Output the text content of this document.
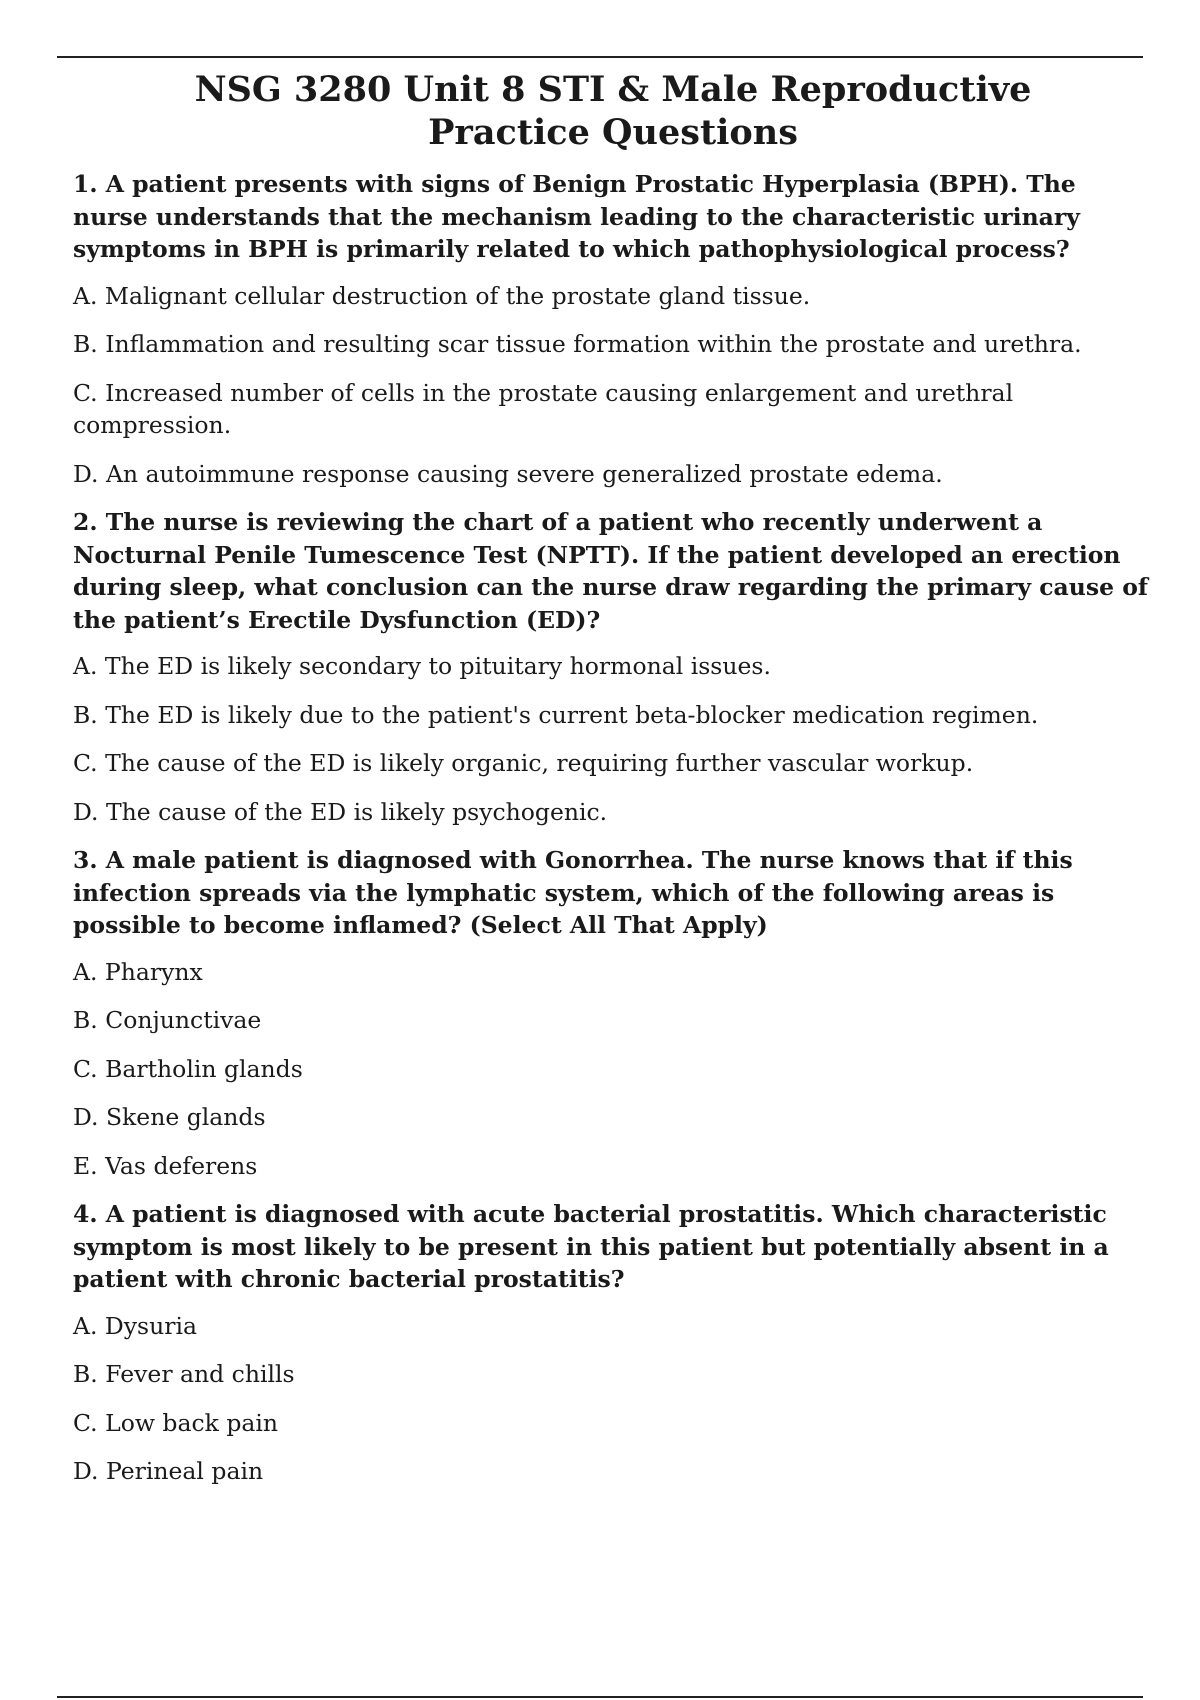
NSG 3280 Unit 8 STI & Male Reproductive Practice Questions

1. A patient presents with signs of Benign Prostatic Hyperplasia (BPH). The nurse understands that the mechanism leading to the characteristic urinary symptoms in BPH is primarily related to which pathophysiological process?

A. Malignant cellular destruction of the prostate gland tissue.

B. Inflammation and resulting scar tissue formation within the prostate and urethra.

C. Increased number of cells in the prostate causing enlargement and urethral compression.

D. An autoimmune response causing severe generalized prostate edema.

2. The nurse is reviewing the chart of a patient who recently underwent a Nocturnal Penile Tumescence Test (NPTT). If the patient developed an erection during sleep, what conclusion can the nurse draw regarding the primary cause of the patient’s Erectile Dysfunction (ED)?

A. The ED is likely secondary to pituitary hormonal issues.

B. The ED is likely due to the patient's current beta-blocker medication regimen.

C. The cause of the ED is likely organic, requiring further vascular workup.

D. The cause of the ED is likely psychogenic.

3. A male patient is diagnosed with Gonorrhea. The nurse knows that if this infection spreads via the lymphatic system, which of the following areas is possible to become inflamed? (Select All That Apply)

A. Pharynx

B. Conjunctivae

C. Bartholin glands

D. Skene glands

E. Vas deferens

4. A patient is diagnosed with acute bacterial prostatitis. Which characteristic symptom is most likely to be present in this patient but potentially absent in a patient with chronic bacterial prostatitis?

A. Dysuria

B. Fever and chills

C. Low back pain

D. Perineal pain
